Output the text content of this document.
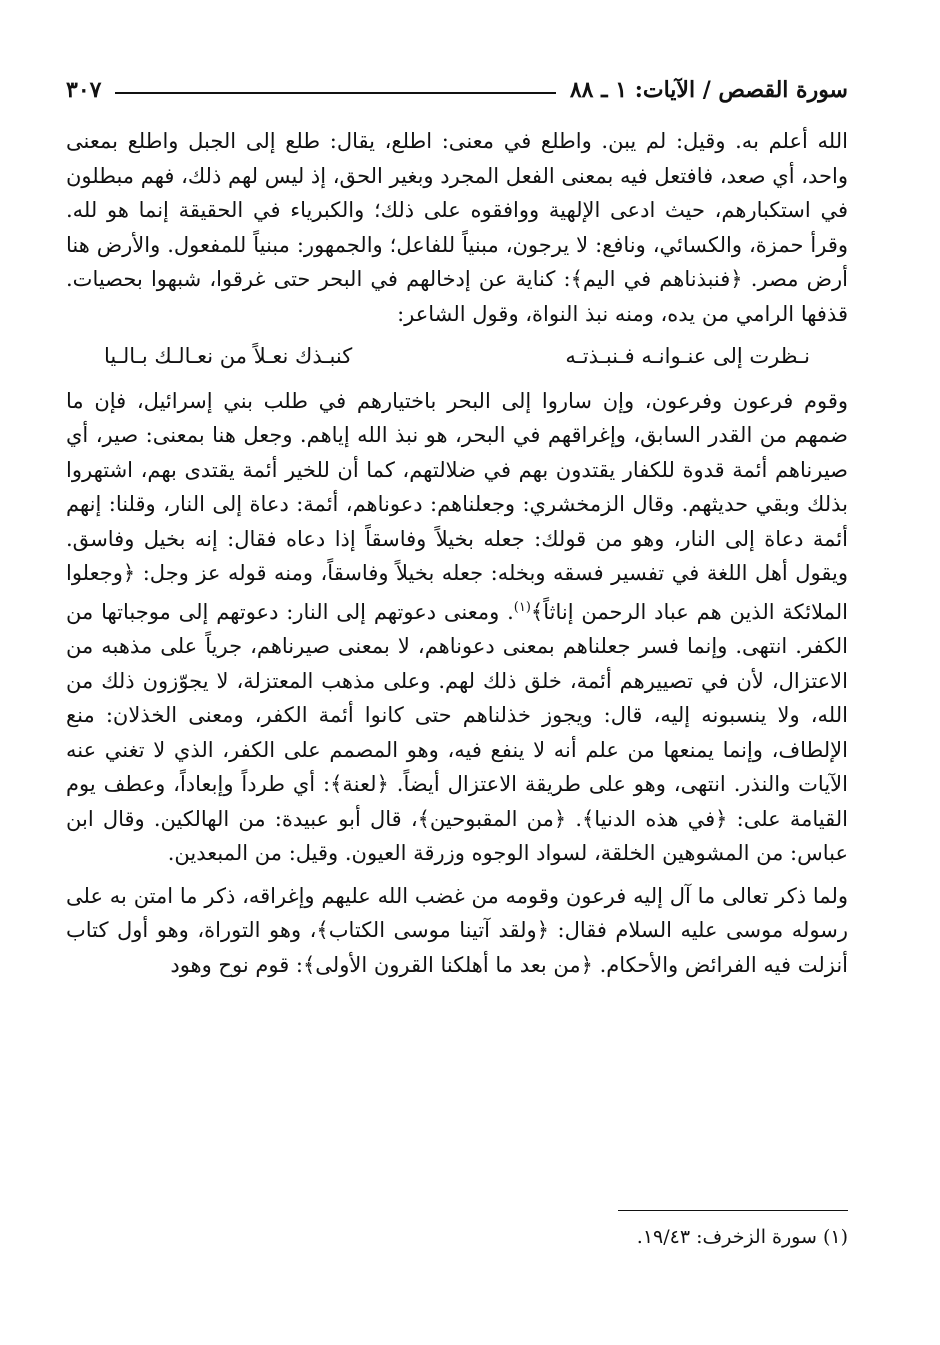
سورة القصص / الآيات: ١ ـ ٨٨
٣٠٧

الله أعلم به. وقيل: لم يبن. واطلع في معنى: اطلع، يقال: طلع إلى الجبل واطلع بمعنى واحد، أي صعد، فافتعل فيه بمعنى الفعل المجرد وبغير الحق، إذ ليس لهم ذلك، فهم مبطلون في استكبارهم، حيث ادعى الإلهية ووافقوه على ذلك؛ والكبرياء في الحقيقة إنما هو لله. وقرأ حمزة، والكسائي، ونافع: لا يرجون، مبنياً للفاعل؛ والجمهور: مبنياً للمفعول. والأرض هنا أرض مصر. ﴿فنبذناهم في اليم﴾: كناية عن إدخالهم في البحر حتى غرقوا، شبهوا بحصيات. قذفها الرامي من يده، ومنه نبذ النواة، وقول الشاعر:

نـظرت إلى عنـوانـه فـنبـذتـه
كنبـذك نعـلاً من نعـالـك بـالـيا

وقوم فرعون وفرعون، وإن ساروا إلى البحر باختيارهم في طلب بني إسرائيل، فإن ما ضمهم من القدر السابق، وإغراقهم في البحر، هو نبذ الله إياهم. وجعل هنا بمعنى: صير، أي صيرناهم أئمة قدوة للكفار يقتدون بهم في ضلالتهم، كما أن للخير أئمة يقتدى بهم، اشتهروا بذلك وبقي حديثهم. وقال الزمخشري: وجعلناهم: دعوناهم، أئمة: دعاة إلى النار، وقلنا: إنهم أئمة دعاة إلى النار، وهو من قولك: جعله بخيلاً وفاسقاً إذا دعاه فقال: إنه بخيل وفاسق. ويقول أهل اللغة في تفسير فسقه وبخله: جعله بخيلاً وفاسقاً، ومنه قوله عز وجل: ﴿وجعلوا الملائكة الذين هم عباد الرحمن إناثاً﴾$^{(١)}$. ومعنى دعوتهم إلى النار: دعوتهم إلى موجباتها من الكفر. انتهى. وإنما فسر جعلناهم بمعنى دعوناهم، لا بمعنى صيرناهم، جرياً على مذهبه من الاعتزال، لأن في تصييرهم أئمة، خلق ذلك لهم. وعلى مذهب المعتزلة، لا يجوّزون ذلك من الله، ولا ينسبونه إليه، قال: ويجوز خذلناهم حتى كانوا أئمة الكفر، ومعنى الخذلان: منع الإلطاف، وإنما يمنعها من علم أنه لا ينفع فيه، وهو المصمم على الكفر، الذي لا تغني عنه الآيات والنذر. انتهى، وهو على طريقة الاعتزال أيضاً. ﴿لعنة﴾: أي طرداً وإبعاداً، وعطف يوم القيامة على: ﴿في هذه الدنيا﴾. ﴿من المقبوحين﴾، قال أبو عبيدة: من الهالكين. وقال ابن عباس: من المشوهين الخلقة، لسواد الوجوه وزرقة العيون. وقيل: من المبعدين.

ولما ذكر تعالى ما آل إليه فرعون وقومه من غضب الله عليهم وإغراقه، ذكر ما امتن به على رسوله موسى عليه السلام فقال: ﴿ولقد آتينا موسى الكتاب﴾، وهو التوراة، وهو أول كتاب أنزلت فيه الفرائض والأحكام. ﴿من بعد ما أهلكنا القرون الأولى﴾: قوم نوح وهود

(١) سورة الزخرف: ١٩/٤٣.
